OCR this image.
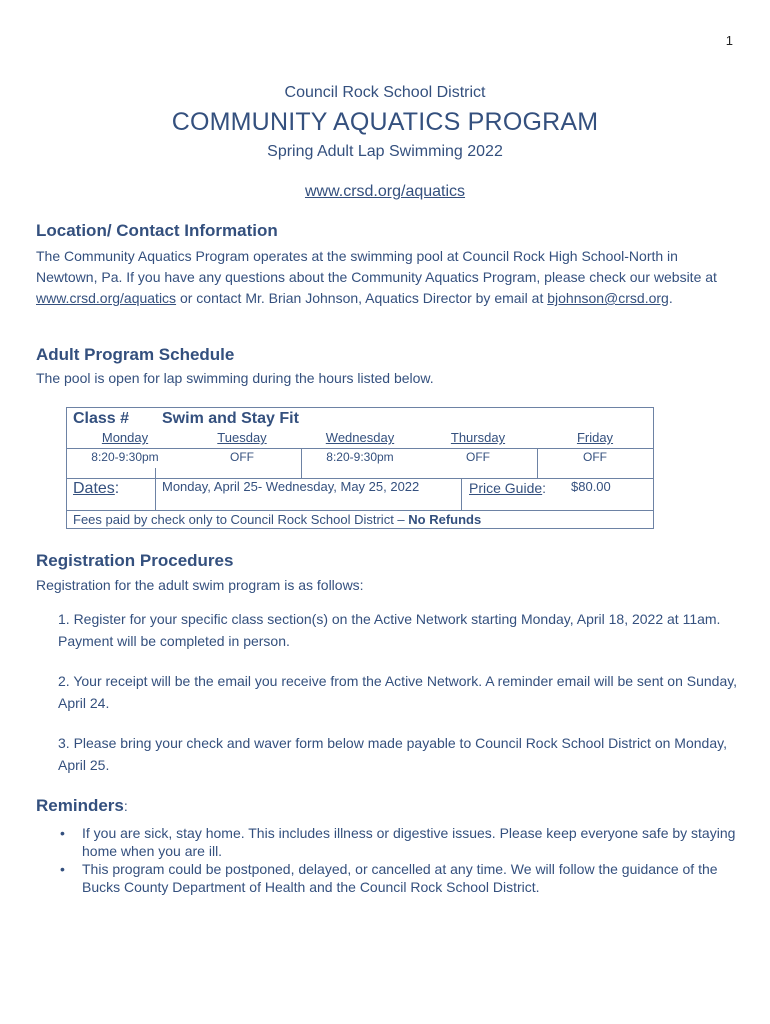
1
Council Rock School District
COMMUNITY AQUATICS PROGRAM
Spring Adult Lap Swimming 2022
www.crsd.org/aquatics
Location/ Contact Information

The Community Aquatics Program operates at the swimming pool at Council Rock High School-North in Newtown, Pa. If you have any questions about the Community Aquatics Program, please check our website at www.crsd.org/aquatics or contact Mr. Brian Johnson, Aquatics Director by email at bjohnson@crsd.org.

Adult Program Schedule

The pool is open for lap swimming during the hours listed below.

Class # Swim and Stay Fit
Monday	Tuesday	Wednesday	Thursday	Friday
8:20-9:30pm	OFF	8:20-9:30pm	OFF	OFF
Dates:	Monday, April 25- Wednesday, May 25, 2022	Price Guide: $80.00
Fees paid by check only to Council Rock School District – No Refunds
Registration Procedures

Registration for the adult swim program is as follows:

1. Register for your specific class section(s) on the Active Network starting Monday, April 18, 2022 at 11am. Payment will be completed in person.
2. Your receipt will be the email you receive from the Active Network. A reminder email will be sent on Sunday, April 24.
3. Please bring your check and waver form below made payable to Council Rock School District on Monday, April 25.
Reminders:
• If you are sick, stay home. This includes illness or digestive issues. Please keep everyone safe by staying home when you are ill.
• This program could be postponed, delayed, or cancelled at any time. We will follow the guidance of the Bucks County Department of Health and the Council Rock School District.
